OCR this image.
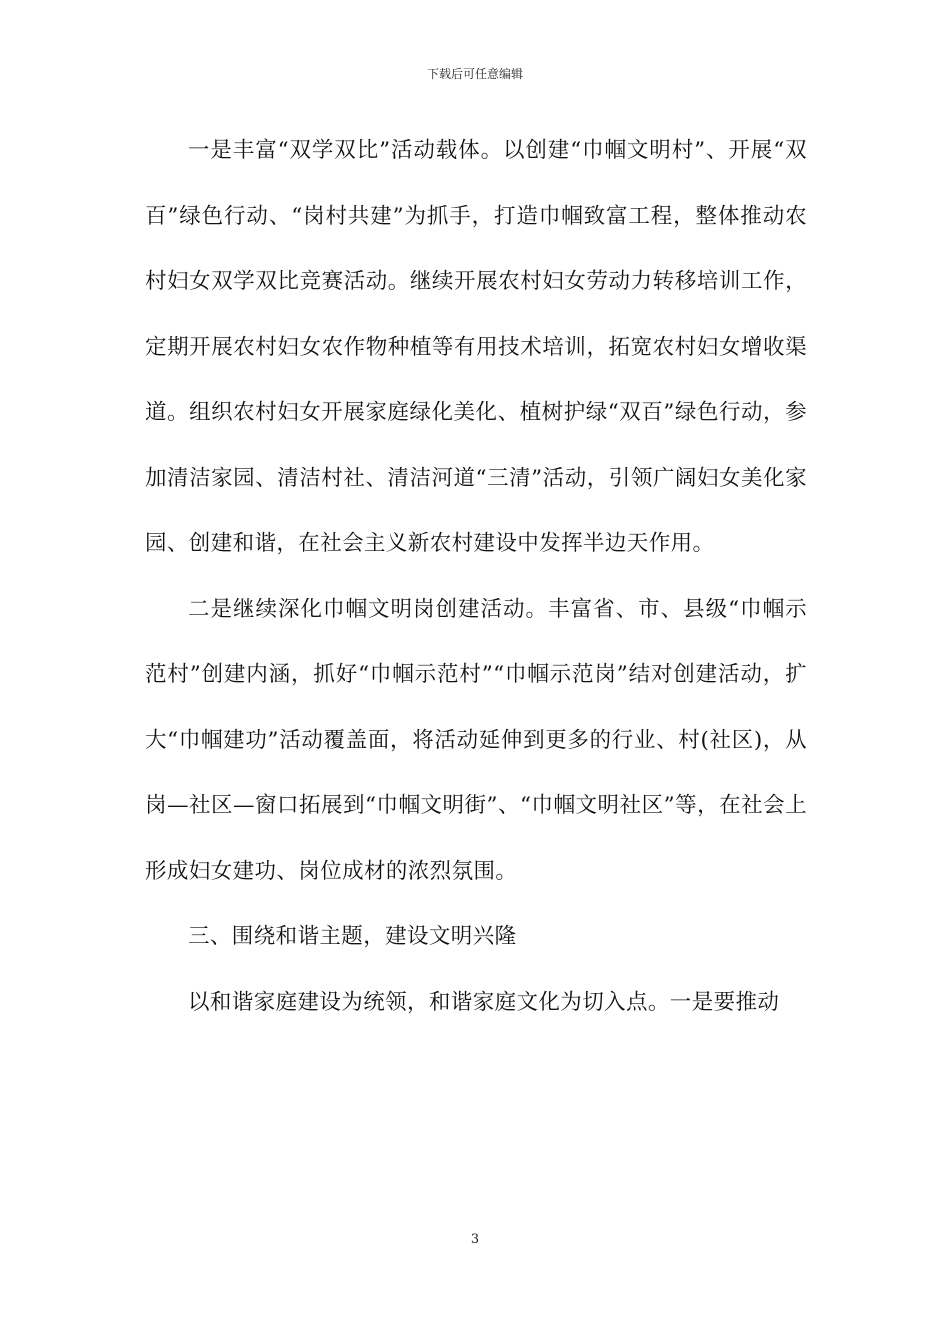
下载后可任意编辑

一是丰富“双学双比”活动载体。以创建“巾帼文明村”、开展“双百”绿色行动、“岗村共建”为抓手，打造巾帼致富工程，整体推动农村妇女双学双比竞赛活动。继续开展农村妇女劳动力转移培训工作，定期开展农村妇女农作物种植等有用技术培训，拓宽农村妇女增收渠道。组织农村妇女开展家庭绿化美化、植树护绿“双百”绿色行动，参加清洁家园、清洁村社、清洁河道“三清”活动，引领广阔妇女美化家园、创建和谐，在社会主义新农村建设中发挥半边天作用。

二是继续深化巾帼文明岗创建活动。丰富省、市、县级“巾帼示范村”创建内涵，抓好“巾帼示范村”“巾帼示范岗”结对创建活动，扩大“巾帼建功”活动覆盖面，将活动延伸到更多的行业、村(社区)，从岗—社区—窗口拓展到“巾帼文明街”、“巾帼文明社区”等，在社会上形成妇女建功、岗位成材的浓烈氛围。

三、围绕和谐主题，建设文明兴隆

以和谐家庭建设为统领，和谐家庭文化为切入点。一是要推动

3
